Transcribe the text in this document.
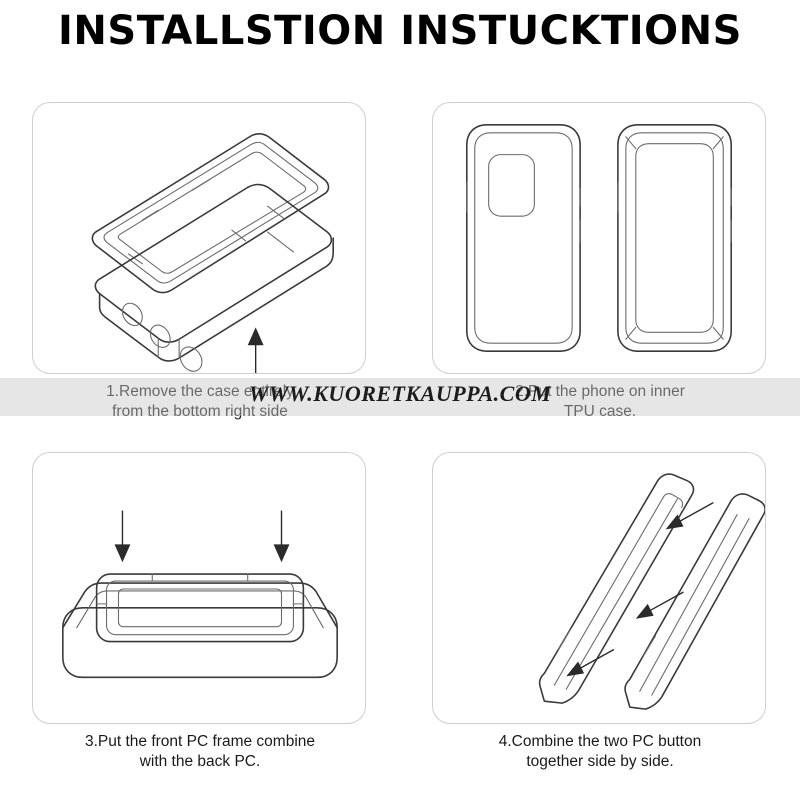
INSTALLSTION INSTUCKTIONS
1.Remove the case entirely
from the bottom right side
2.Put the phone on inner
TPU case.
3.Put the front PC frame combine
with the back PC.
4.Combine the two PC button
together side by side.
WWW.KUORETKAUPPA.COM
